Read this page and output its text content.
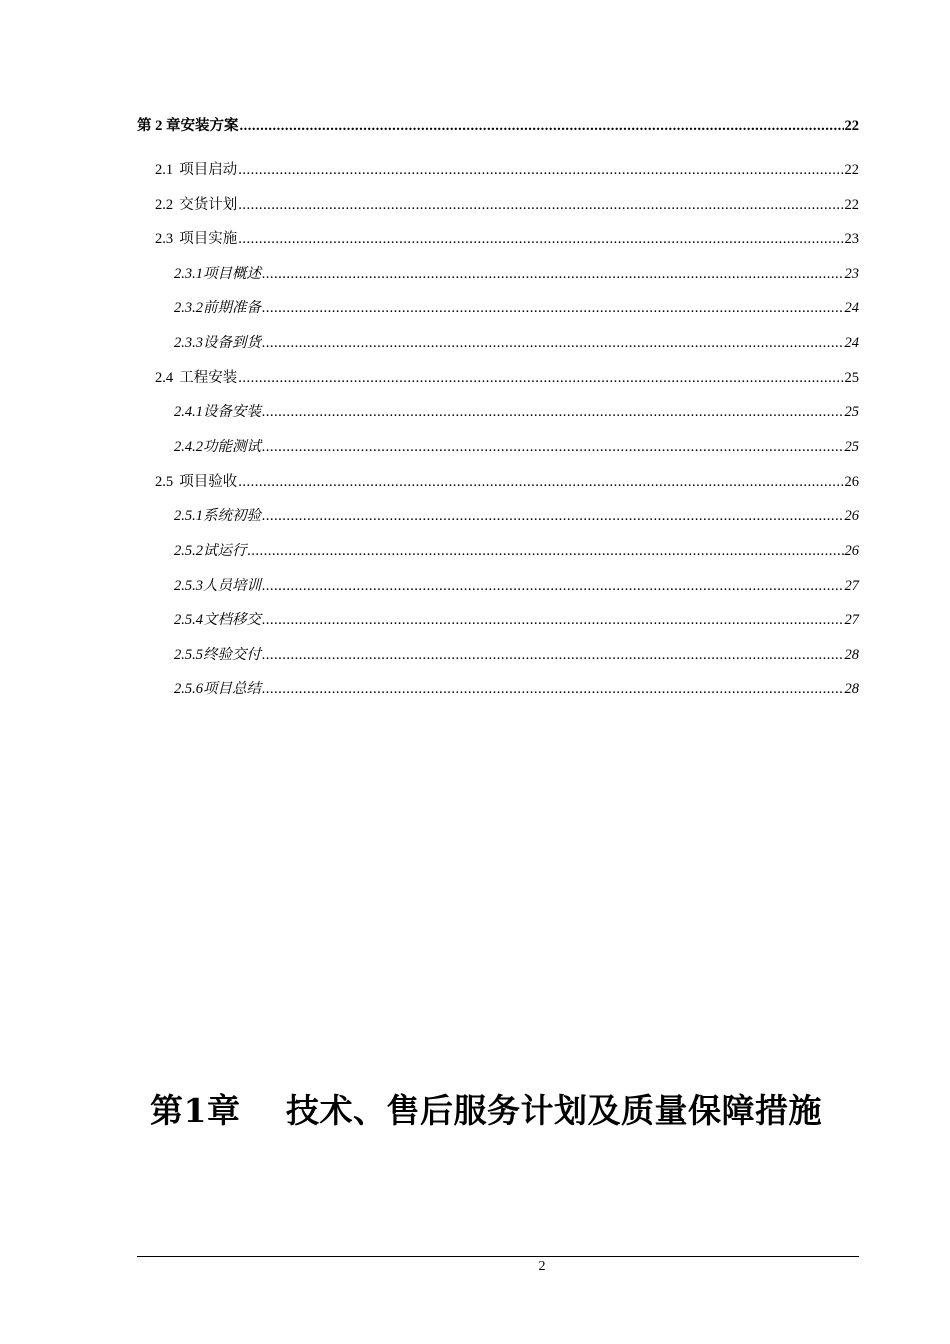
第 2 章 安装方案 .....	22
2.1 项目启动 .....	22
2.2 交货计划 .....	22
2.3 项目实施 .....	23
2.3.1 项目概述 .....	23
2.3.2 前期准备 .....	24
2.3.3 设备到货 .....	24
2.4 工程安装 .....	25
2.4.1 设备安装 .....	25
2.4.2 功能测试 .....	25
2.5 项目验收 .....	26
2.5.1 系统初验 .....	26
2.5.2 试运行 .....	26
2.5.3 人员培训 .....	27
2.5.4 文档移交 .....	27
2.5.5 终验交付 .....	28
2.5.6 项目总结 .....	28
第1章 技术、售后服务计划及质量保障措施
2
